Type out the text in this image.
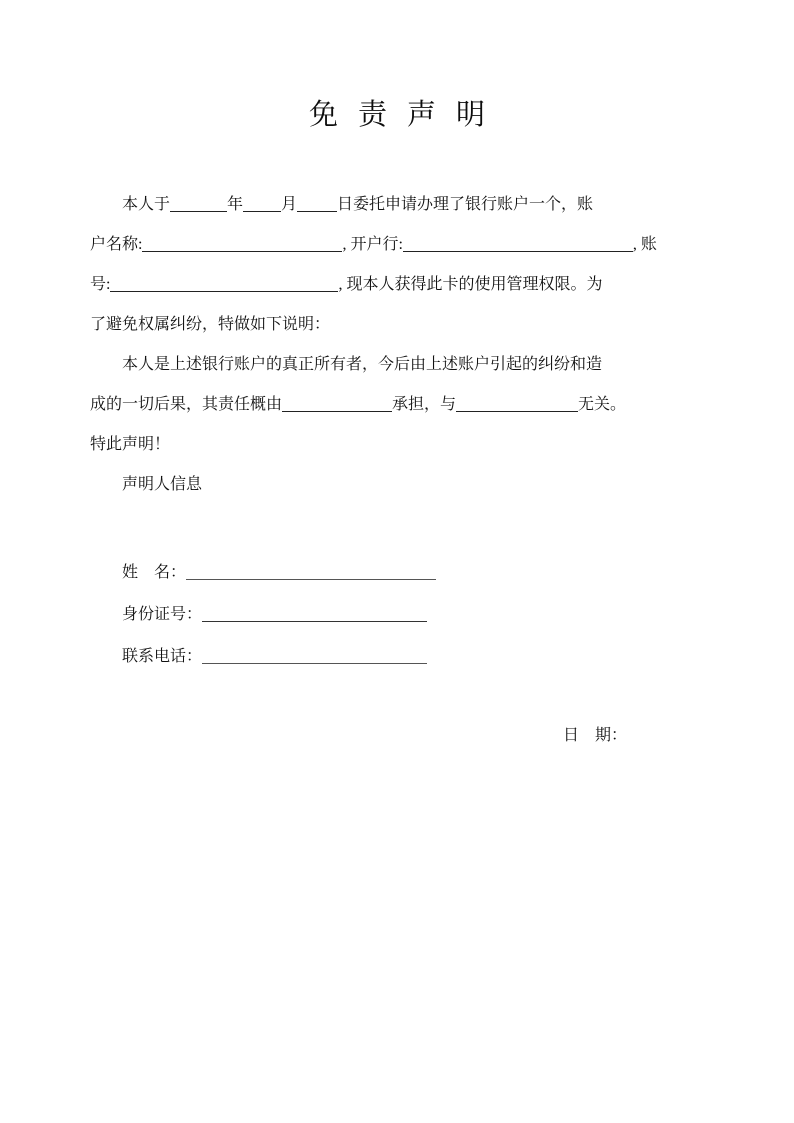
免责声明
本人于	年 月	日委托申请办理了银行账户一个，账
户名称:	, 开户行:	, 账
号:	, 现本人获得此卡的使用管理权限。为
了避免权属纠纷，特做如下说明：
本人是上述银行账户的真正所有者，今后由上述账户引起的纠纷和造
成的一切后果，其责任概由	承担，与	无关。
特此声明！
声明人信息
姓　名：
身份证号：
联系电话：
日　期：
